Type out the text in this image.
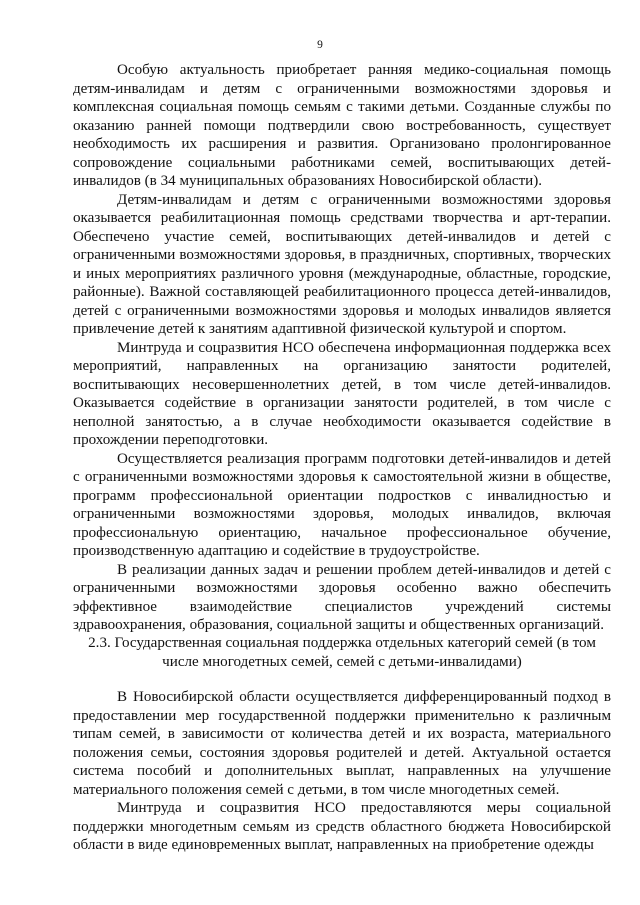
9

Особую актуальность приобретает ранняя медико-социальная помощь детям-инвалидам и детям с ограниченными возможностями здоровья и комплексная социальная помощь семьям с такими детьми. Созданные службы по оказанию ранней помощи подтвердили свою востребованность, существует необходимость их расширения и развития. Организовано пролонгированное сопровождение социальными работниками семей, воспитывающих детей-инвалидов (в 34 муниципальных образованиях Новосибирской области).

Детям-инвалидам и детям с ограниченными возможностями здоровья оказывается реабилитационная помощь средствами творчества и арт-терапии. Обеспечено участие семей, воспитывающих детей-инвалидов и детей с ограниченными возможностями здоровья, в праздничных, спортивных, творческих и иных мероприятиях различного уровня (международные, областные, городские, районные). Важной составляющей реабилитационного процесса детей-инвалидов, детей с ограниченными возможностями здоровья и молодых инвалидов является привлечение детей к занятиям адаптивной физической культурой и спортом.

Минтруда и соцразвития НСО обеспечена информационная поддержка всех мероприятий, направленных на организацию занятости родителей, воспитывающих несовершеннолетних детей, в том числе детей-инвалидов. Оказывается содействие в организации занятости родителей, в том числе с неполной занятостью, а в случае необходимости оказывается содействие в прохождении переподготовки.

Осуществляется реализация программ подготовки детей-инвалидов и детей с ограниченными возможностями здоровья к самостоятельной жизни в обществе, программ профессиональной ориентации подростков с инвалидностью и ограниченными возможностями здоровья, молодых инвалидов, включая профессиональную ориентацию, начальное профессиональное обучение, производственную адаптацию и содействие в трудоустройстве.

В реализации данных задач и решении проблем детей-инвалидов и детей с ограниченными возможностями здоровья особенно важно обеспечить эффективное взаимодействие специалистов учреждений системы здравоохранения, образования, социальной защиты и общественных организаций.

2.3. Государственная социальная поддержка отдельных категорий семей (в том числе многодетных семей, семей с детьми-инвалидами)

В Новосибирской области осуществляется дифференцированный подход в предоставлении мер государственной поддержки применительно к различным типам семей, в зависимости от количества детей и их возраста, материального положения семьи, состояния здоровья родителей и детей. Актуальной остается система пособий и дополнительных выплат, направленных на улучшение материального положения семей с детьми, в том числе многодетных семей.

Минтруда и соцразвития НСО предоставляются меры социальной поддержки многодетным семьям из средств областного бюджета Новосибирской области в виде единовременных выплат, направленных на приобретение одежды
